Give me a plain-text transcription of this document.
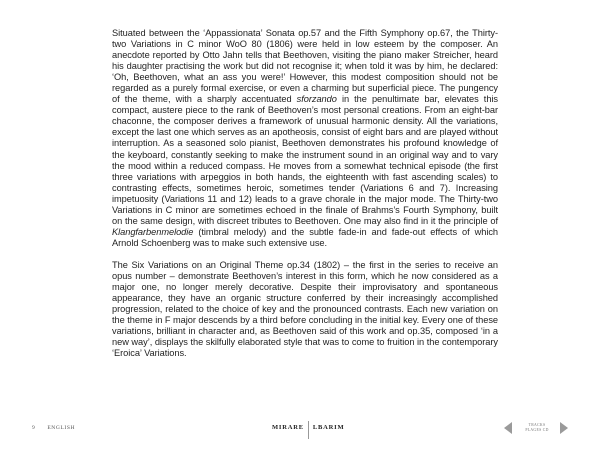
Situated between the ‘Appassionata’ Sonata op.57 and the Fifth Symphony op.67, the Thirty-two Variations in C minor WoO 80 (1806) were held in low esteem by the composer. An anecdote reported by Otto Jahn tells that Beethoven, visiting the piano maker Streicher, heard his daughter practising the work but did not recognise it; when told it was by him, he declared: ‘Oh, Beethoven, what an ass you were!’ However, this modest composition should not be regarded as a purely formal exercise, or even a charming but superficial piece. The pungency of the theme, with a sharply accentuated sforzando in the penultimate bar, elevates this compact, austere piece to the rank of Beethoven’s most personal creations. From an eight-bar chaconne, the composer derives a framework of unusual harmonic density. All the variations, except the last one which serves as an apotheosis, consist of eight bars and are played without interruption. As a seasoned solo pianist, Beethoven demonstrates his profound knowledge of the keyboard, constantly seeking to make the instrument sound in an original way and to vary the mood within a reduced compass. He moves from a somewhat technical episode (the first three variations with arpeggios in both hands, the eighteenth with fast ascending scales) to contrasting effects, sometimes heroic, sometimes tender (Variations 6 and 7). Increasing impetuosity (Variations 11 and 12) leads to a grave chorale in the major mode. The Thirty-two Variations in C minor are sometimes echoed in the finale of Brahms’s Fourth Symphony, built on the same design, with discreet tributes to Beethoven. One may also find in it the principle of Klangfarbenmelodie (timbral melody) and the subtle fade-in and fade-out effects of which Arnold Schoenberg was to make such extensive use.

The Six Variations on an Original Theme op.34 (1802) – the first in the series to receive an opus number – demonstrate Beethoven’s interest in this form, which he now considered as a major one, no longer merely decorative. Despite their improvisatory and spontaneous appearance, they have an organic structure conferred by their increasingly accomplished progression, related to the choice of key and the pronounced contrasts. Each new variation on the theme in F major descends by a third before concluding in the initial key. Every one of these variations, brilliant in character and, as Beethoven said of this work and op.35, composed ‘in a new way’, displays the skilfully elaborated style that was to come to fruition in the contemporary ‘Eroica’ Variations.

9 ENGLISH	MIRARE LBARIM	TRACKS
PLAGES CD
